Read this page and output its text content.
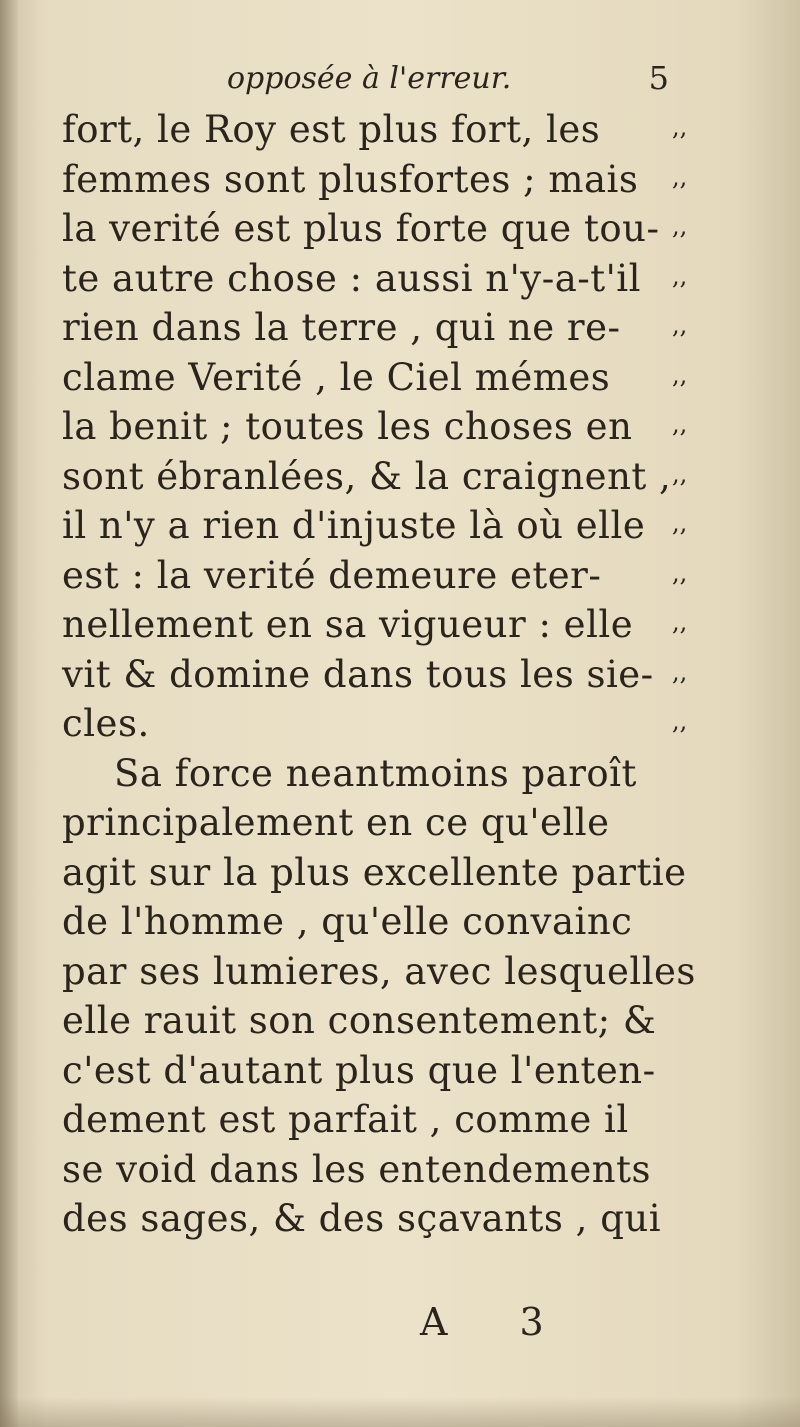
opposée à l'erreur.	5
fort, le Roy est plus fort, les
femmes sont plusfortes ; mais
la verité est plus forte que tou-
te autre chose : aussi n'y-a-t'il
rien dans la terre , qui ne re-
clame Verité , le Ciel mémes
la benit ; toutes les choses en
sont ébranlées, & la craignent ,
il n'y a rien d'injuste là où elle
est : la verité demeure eter-
nellement en sa vigueur : elle
vit & domine dans tous les sie-
cles.
Sa force neantmoins paroît
principalement en ce qu'elle
agit sur la plus excellente partie
de l'homme , qu'elle convainc
par ses lumieres, avec lesquelles
elle rauit son consentement; &
c'est d'autant plus que l'enten-
dement est parfait , comme il
se void dans les entendements
des sages, & des sçavants , qui
,,
,,
,,
,,
,,
,,
,,
,,
,,
,,
,,
,,
,,
A 3
